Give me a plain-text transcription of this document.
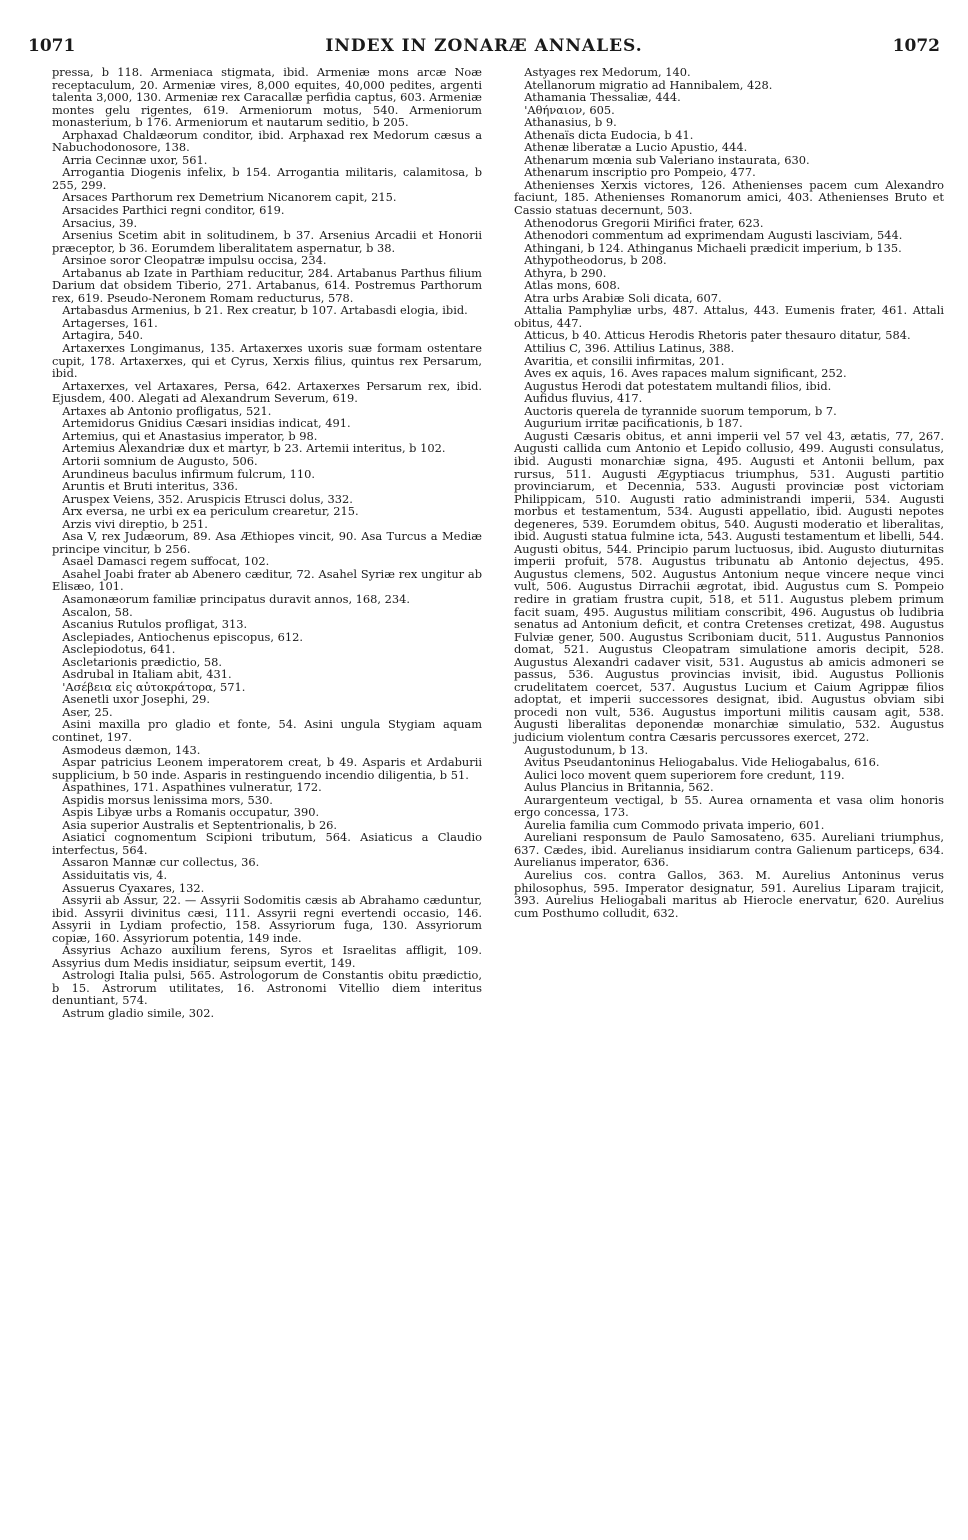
1071	INDEX IN ZONARÆ ANNALES.	1072

pressa, b 118. Armeniaca stigmata, ibid. Armeniæ mons arcæ Noæ receptaculum, 20. Armeniæ vires, 8,000 equites, 40,000 pedites, argenti talenta 3,000, 130. Armeniæ rex Caracallæ perfidia captus, 603. Armeniæ montes gelu rigentes, 619. Armeniorum motus, 540. Armeniorum monasterium, b 176. Armeniorum et nautarum seditio, b 205.

Arphaxad Chaldæorum conditor, ibid. Arphaxad rex Medorum cæsus a Nabuchodonosore, 138.

Arria Cecinnæ uxor, 561.

Arrogantia Diogenis infelix, b 154. Arrogantia militaris, calamitosa, b 255, 299.

Arsaces Parthorum rex Demetrium Nicanorem capit, 215.

Arsacides Parthici regni conditor, 619.

Arsacius, 39.

Arsenius Scetim abit in solitudinem, b 37. Arsenius Arcadii et Honorii præceptor, b 36. Eorumdem liberalitatem aspernatur, b 38.

Arsinoe soror Cleopatræ impulsu occisa, 234.

Artabanus ab Izate in Parthiam reducitur, 284. Artabanus Parthus filium Darium dat obsidem Tiberio, 271. Artabanus, 614. Postremus Parthorum rex, 619. Pseudo-Neronem Romam reducturus, 578.

Artabasdus Armenius, b 21. Rex creatur, b 107. Artabasdi elogia, ibid.

Artagerses, 161.

Artagira, 540.

Artaxerxes Longimanus, 135. Artaxerxes uxoris suæ formam ostentare cupit, 178. Artaxerxes, qui et Cyrus, Xerxis filius, quintus rex Persarum, ibid.

Artaxerxes, vel Artaxares, Persa, 642. Artaxerxes Persarum rex, ibid. Ejusdem, 400. Alegati ad Alexandrum Severum, 619.

Artaxes ab Antonio profligatus, 521.

Artemidorus Gnidius Cæsari insidias indicat, 491.

Artemius, qui et Anastasius imperator, b 98.

Artemius Alexandriæ dux et martyr, b 23. Artemii interitus, b 102.

Artorii somnium de Augusto, 506.

Arundineus baculus infirmum fulcrum, 110.

Aruntis et Bruti interitus, 336.

Aruspex Veiens, 352. Aruspicis Etrusci dolus, 332.

Arx eversa, ne urbi ex ea periculum crearetur, 215.

Arzis vivi direptio, b 251.

Asa V, rex Judæorum, 89. Asa Æthiopes vincit, 90. Asa Turcus a Mediæ principe vincitur, b 256.

Asael Damasci regem suffocat, 102.

Asahel Joabi frater ab Abenero cæditur, 72. Asahel Syriæ rex ungitur ab Elisæo, 101.

Asamonæorum familiæ principatus duravit annos, 168, 234.

Ascalon, 58.

Ascanius Rutulos profligat, 313.

Asclepiades, Antiochenus episcopus, 612.

Asclepiodotus, 641.

Ascletarionis prædictio, 58.

Asdrubal in Italiam abit, 431.

'Ασέβεια εἰς αὐτοκράτορα, 571.

Asenetli uxor Josephi, 29.

Aser, 25.

Asini maxilla pro gladio et fonte, 54. Asini ungula Stygiam aquam continet, 197.

Asmodeus dæmon, 143.

Aspar patricius Leonem imperatorem creat, b 49. Asparis et Ardaburii supplicium, b 50 inde. Asparis in restinguendo incendio diligentia, b 51.

Aspathines, 171. Aspathines vulneratur, 172.

Aspidis morsus lenissima mors, 530.

Aspis Libyæ urbs a Romanis occupatur, 390.

Asia superior Australis et Septentrionalis, b 26.

Asiatici cognomentum Scipioni tributum, 564. Asiaticus a Claudio interfectus, 564.

Assaron Mannæ cur collectus, 36.

Assiduitatis vis, 4.

Assuerus Cyaxares, 132.

Assyrii ab Assur, 22. — Assyrii Sodomitis cæsis ab Abrahamo cæduntur, ibid. Assyrii divinitus cæsi, 111. Assyrii regni evertendi occasio, 146. Assyrii in Lydiam profectio, 158. Assyriorum fuga, 130. Assyriorum copiæ, 160. Assyriorum potentia, 149 inde.

Assyrius Achazo auxilium ferens, Syros et Israelitas affligit, 109. Assyrius dum Medis insidiatur, seipsum evertit, 149.

Astrologi Italia pulsi, 565. Astrologorum de Constantis obitu prædictio, b 15. Astrorum utilitates, 16. Astronomi Vitellio diem interitus denuntiant, 574.

Astrum gladio simile, 302.

Astyages rex Medorum, 140.

Atellanorum migratio ad Hannibalem, 428.

Athamania Thessaliæ, 444.

'Αθήναιον, 605.

Athanasius, b 9.

Athenaïs dicta Eudocia, b 41.

Athenæ liberatæ a Lucio Apustio, 444.

Athenarum mœnia sub Valeriano instaurata, 630.

Athenarum inscriptio pro Pompeio, 477.

Athenienses Xerxis victores, 126. Athenienses pacem cum Alexandro faciunt, 185. Athenienses Romanorum amici, 403. Athenienses Bruto et Cassio statuas decernunt, 503.

Athenodorus Gregorii Mirifici frater, 623.

Athenodori commentum ad exprimendam Augusti lasciviam, 544.

Athingani, b 124. Athinganus Michaeli prædicit imperium, b 135.

Athypotheodorus, b 208.

Athyra, b 290.

Atlas mons, 608.

Atra urbs Arabiæ Soli dicata, 607.

Attalia Pamphyliæ urbs, 487. Attalus, 443. Eumenis frater, 461. Attali obitus, 447.

Atticus, b 40. Atticus Herodis Rhetoris pater thesauro ditatur, 584.

Attilius C, 396. Attilius Latinus, 388.

Avaritia, et consilii infirmitas, 201.

Aves ex aquis, 16. Aves rapaces malum significant, 252.

Augustus Herodi dat potestatem multandi filios, ibid.

Aufidus fluvius, 417.

Auctoris querela de tyrannide suorum temporum, b 7.

Augurium irritæ pacificationis, b 187.

Augusti Cæsaris obitus, et anni imperii vel 57 vel 43, ætatis, 77, 267. Augusti callida cum Antonio et Lepido collusio, 499. Augusti consulatus, ibid. Augusti monarchiæ signa, 495. Augusti et Antonii bellum, pax rursus, 511. Augusti Ægyptiacus triumphus, 531. Augusti partitio provinciarum, et Decennia, 533. Augusti provinciæ post victoriam Philippicam, 510. Augusti ratio administrandi imperii, 534. Augusti morbus et testamentum, 534. Augusti appellatio, ibid. Augusti nepotes degeneres, 539. Eorumdem obitus, 540. Augusti moderatio et liberalitas, ibid. Augusti statua fulmine icta, 543. Augusti testamentum et libelli, 544. Augusti obitus, 544. Principio parum luctuosus, ibid. Augusto diuturnitas imperii profuit, 578. Augustus tribunatu ab Antonio dejectus, 495. Augustus clemens, 502. Augustus Antonium neque vincere neque vinci vult, 506. Augustus Dirrachii ægrotat, ibid. Augustus cum S. Pompeio redire in gratiam frustra cupit, 518, et 511. Augustus plebem primum facit suam, 495. Augustus militiam conscribit, 496. Augustus ob ludibria senatus ad Antonium deficit, et contra Cretenses cretizat, 498. Augustus Fulviæ gener, 500. Augustus Scriboniam ducit, 511. Augustus Pannonios domat, 521. Augustus Cleopatram simulatione amoris decipit, 528. Augustus Alexandri cadaver visit, 531. Augustus ab amicis admoneri se passus, 536. Augustus provincias invisit, ibid. Augustus Pollionis crudelitatem coercet, 537. Augustus Lucium et Caium Agrippæ filios adoptat, et imperii successores designat, ibid. Augustus obviam sibi procedi non vult, 536. Augustus importuni militis causam agit, 538. Augusti liberalitas deponendæ monarchiæ simulatio, 532. Augustus judicium violentum contra Cæsaris percussores exercet, 272.

Augustodunum, b 13.

Avitus Pseudantoninus Heliogabalus. Vide Heliogabalus, 616.

Aulici loco movent quem superiorem fore credunt, 119.

Aulus Plancius in Britannia, 562.

Aurargenteum vectigal, b 55. Aurea ornamenta et vasa olim honoris ergo concessa, 173.

Aurelia familia cum Commodo privata imperio, 601.

Aureliani responsum de Paulo Samosateno, 635. Aureliani triumphus, 637. Cædes, ibid. Aurelianus insidiarum contra Galienum particeps, 634. Aurelianus imperator, 636.

Aurelius cos. contra Gallos, 363. M. Aurelius Antoninus verus philosophus, 595. Imperator designatur, 591. Aurelius Liparam trajicit, 393. Aurelius Heliogabali maritus ab Hierocle enervatur, 620. Aurelius cum Posthumo colludit, 632.
